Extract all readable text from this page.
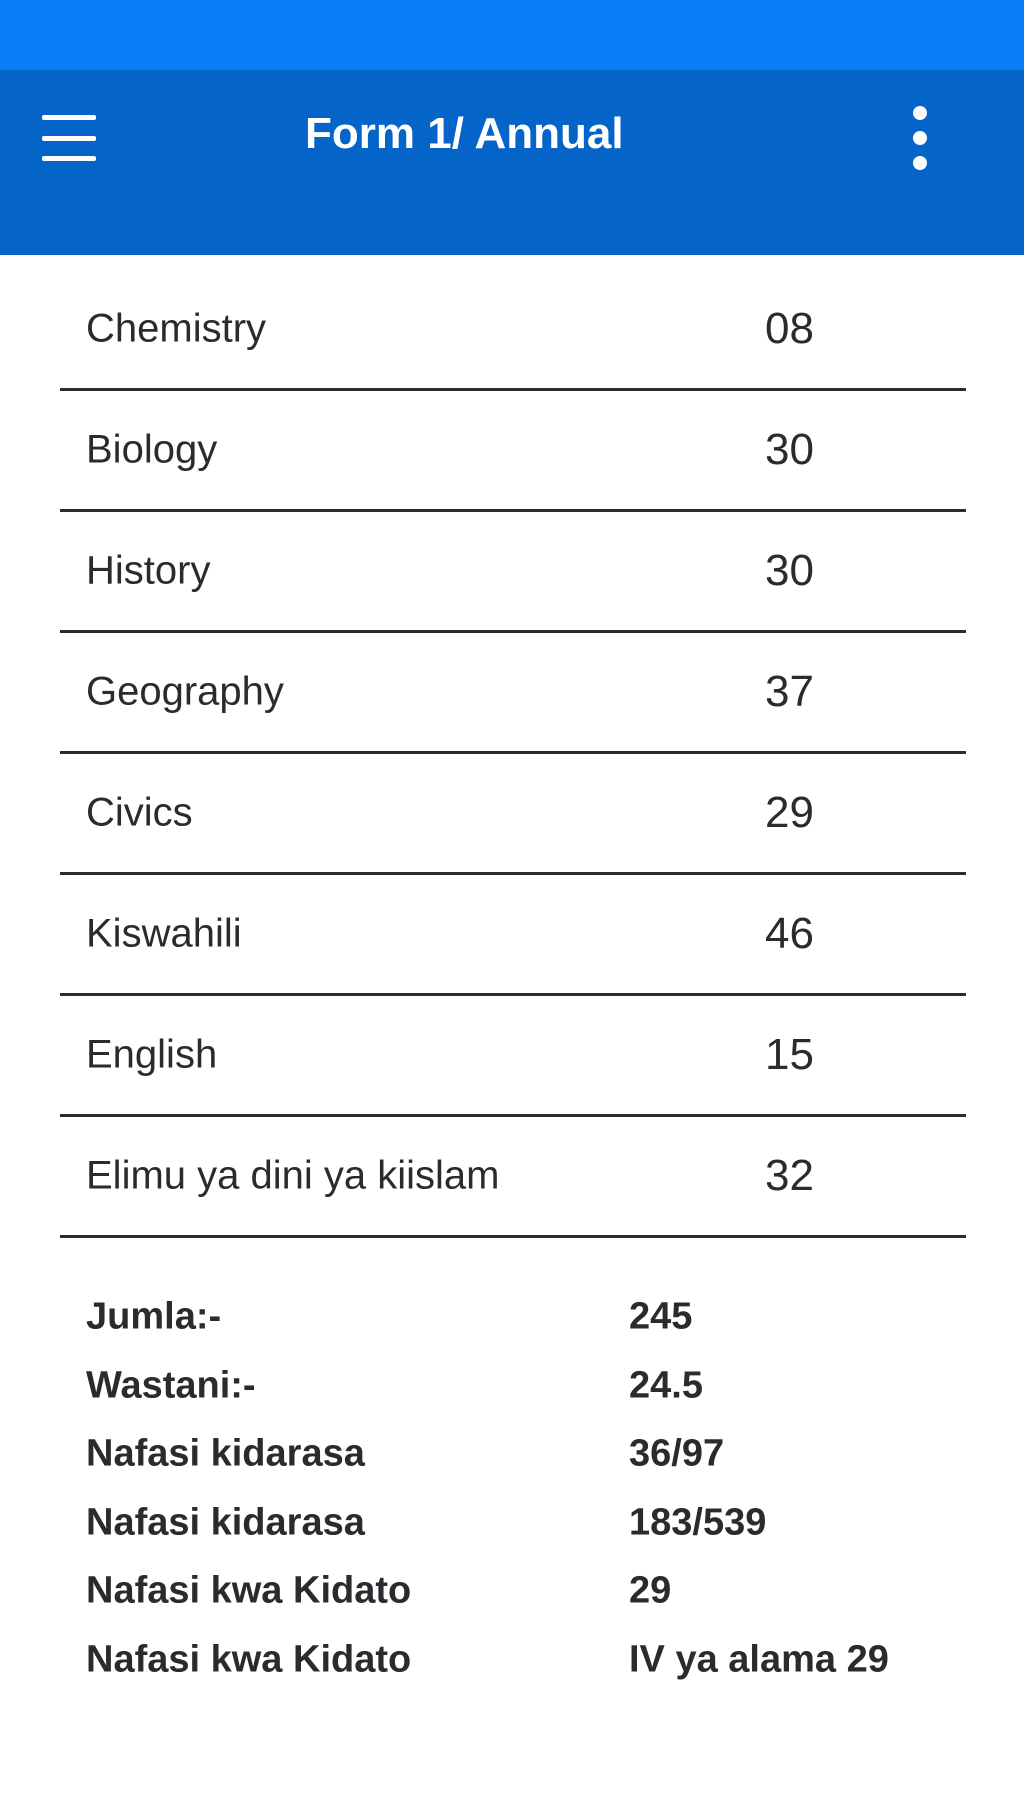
Form 1/ Annual
Chemistry	08
Biology	30
History	30
Geography	37
Civics	29
Kiswahili	46
English	15
Elimu ya dini ya kiislam	32
Jumla:-	245
Wastani:-	24.5
Nafasi kidarasa	36/97
Nafasi kidarasa	183/539
Nafasi kwa Kidato	29
Nafasi kwa Kidato	IV ya alama 29
